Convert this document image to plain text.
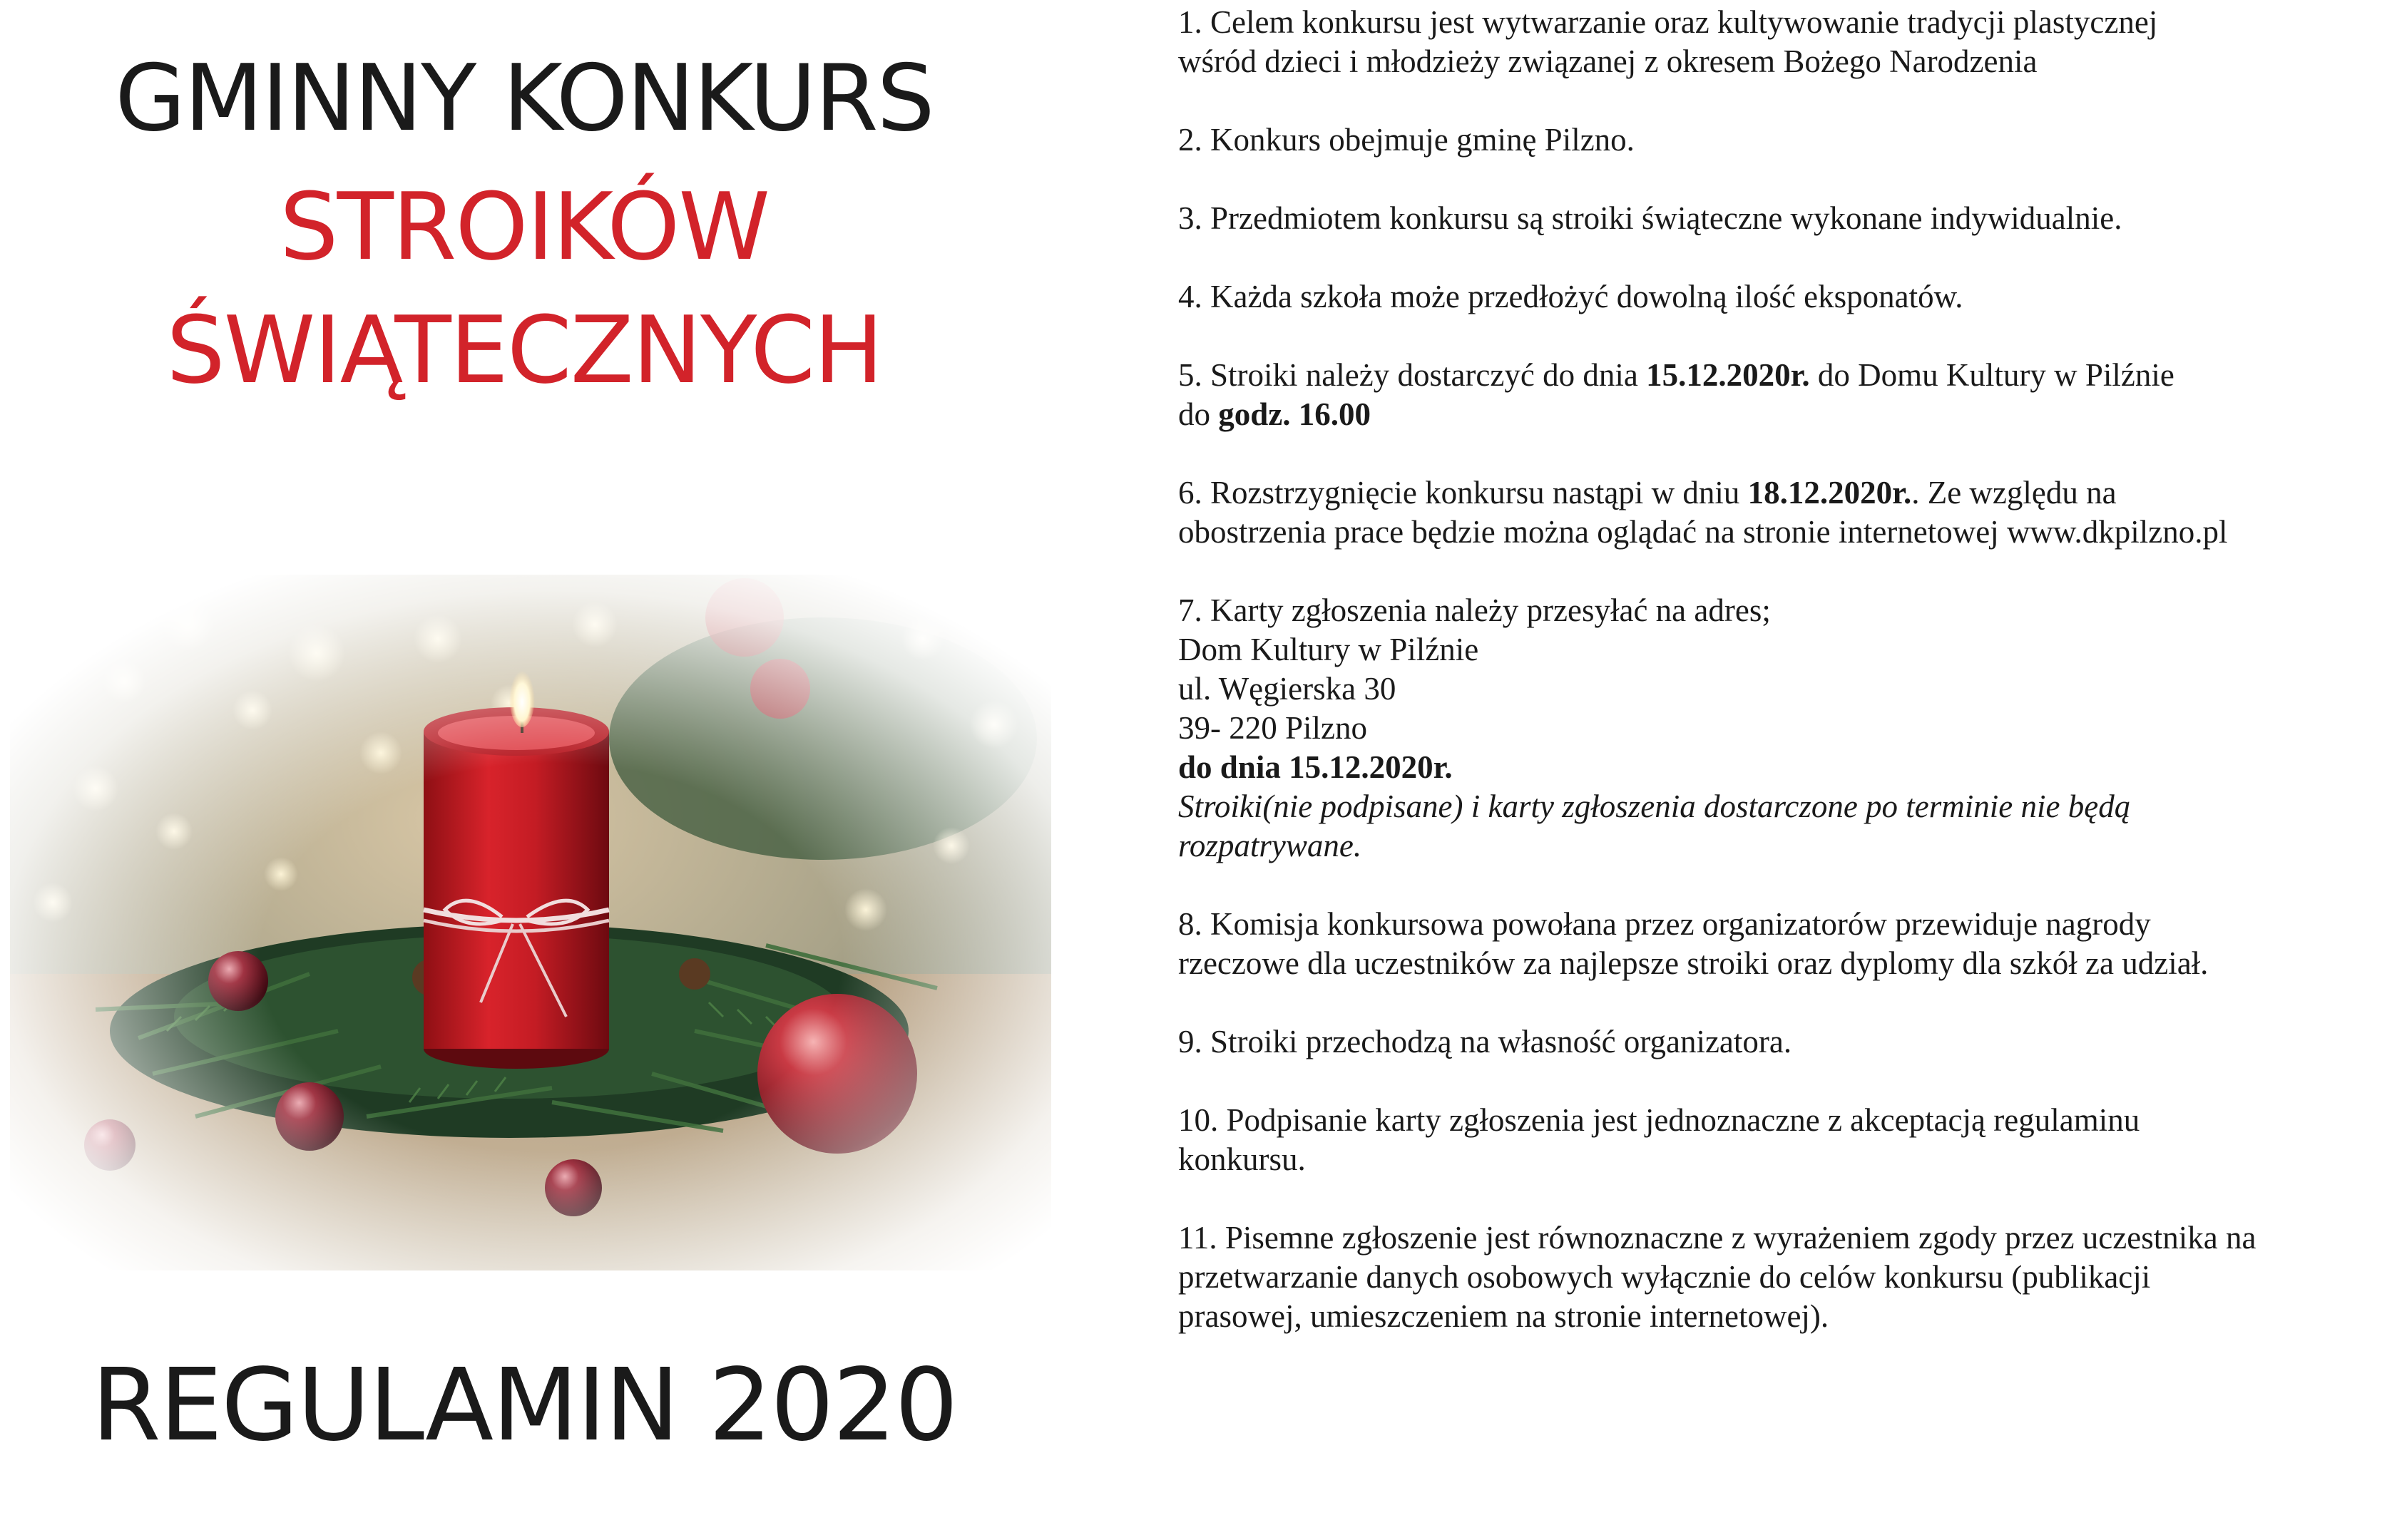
GMINNY KONKURS
STROIKÓW
ŚWIĄTECZNYCH
REGULAMIN 2020
1. Celem konkursu jest wytwarzanie oraz kultywowanie tradycji plastycznej
wśród dzieci i młodzieży związanej z okresem Bożego Narodzenia
2. Konkurs obejmuje gminę Pilzno.
3. Przedmiotem konkursu są stroiki świąteczne wykonane indywidualnie.
4. Każda szkoła może przedłożyć dowolną ilość eksponatów.
5. Stroiki należy dostarczyć do dnia 15.12.2020r. do Domu Kultury w Pilźnie
do godz. 16.00
6. Rozstrzygnięcie konkursu nastąpi w dniu 18.12.2020r.. Ze względu na
obostrzenia prace będzie można oglądać na stronie internetowej www.dkpilzno.pl
7. Karty zgłoszenia należy przesyłać na adres;
Dom Kultury w Pilźnie
ul. Węgierska 30
39- 220 Pilzno
do dnia 15.12.2020r.
Stroiki(nie podpisane) i karty zgłoszenia dostarczone po terminie nie będą
rozpatrywane.
8. Komisja konkursowa powołana przez organizatorów przewiduje nagrody
rzeczowe dla uczestników za najlepsze stroiki oraz dyplomy dla szkół za udział.
9. Stroiki przechodzą na własność organizatora.
10. Podpisanie karty zgłoszenia jest jednoznaczne z akceptacją regulaminu
konkursu.
11. Pisemne zgłoszenie jest równoznaczne z wyrażeniem zgody przez uczestnika na
przetwarzanie danych osobowych wyłącznie do celów konkursu (publikacji
prasowej, umieszczeniem na stronie internetowej).
